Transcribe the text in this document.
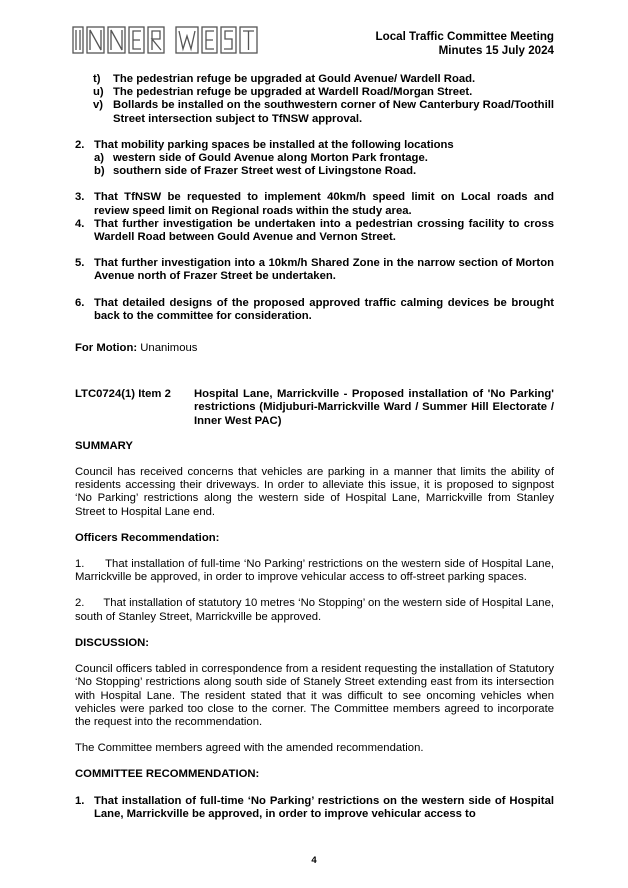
Local Traffic Committee Meeting
Minutes 15 July 2024
t)	The pedestrian refuge be upgraded at Gould Avenue/ Wardell Road.
u) The pedestrian refuge be upgraded at Wardell Road/Morgan Street.
v) Bollards be installed on the southwestern corner of New Canterbury Road/Toothill Street intersection subject to TfNSW approval.
2. That mobility parking spaces be installed at the following locations
a) western side of Gould Avenue along Morton Park frontage.
b) southern side of Frazer Street west of Livingstone Road.
3. That TfNSW be requested to implement 40km/h speed limit on Local roads and review speed limit on Regional roads within the study area.
4. That further investigation be undertaken into a pedestrian crossing facility to cross Wardell Road between Gould Avenue and Vernon Street.
5. That further investigation into a 10km/h Shared Zone in the narrow section of Morton Avenue north of Frazer Street be undertaken.
6. That detailed designs of the proposed approved traffic calming devices be brought back to the committee for consideration.

For Motion: Unanimous

LTC0724(1) Item 2	Hospital Lane, Marrickville - Proposed installation of 'No Parking' restrictions (Midjuburi-Marrickville Ward / Summer Hill Electorate / Inner West PAC)

SUMMARY

Council has received concerns that vehicles are parking in a manner that limits the ability of residents accessing their driveways. In order to alleviate this issue, it is proposed to signpost ‘No Parking’ restrictions along the western side of Hospital Lane, Marrickville from Stanley Street to Hospital Lane end.

Officers Recommendation:

1. That installation of full-time ‘No Parking’ restrictions on the western side of Hospital Lane, Marrickville be approved, in order to improve vehicular access to off-street parking spaces.

2. That installation of statutory 10 metres ‘No Stopping’ on the western side of Hospital Lane, south of Stanley Street, Marrickville be approved.

DISCUSSION:

Council officers tabled in correspondence from a resident requesting the installation of Statutory ‘No Stopping’ restrictions along south side of Stanely Street extending east from its intersection with Hospital Lane. The resident stated that it was difficult to see oncoming vehicles when vehicles were parked too close to the corner. The Committee members agreed to incorporate the request into the recommendation.

The Committee members agreed with the amended recommendation.

COMMITTEE RECOMMENDATION:

1. That installation of full-time ‘No Parking’ restrictions on the western side of Hospital Lane, Marrickville be approved, in order to improve vehicular access to
4
